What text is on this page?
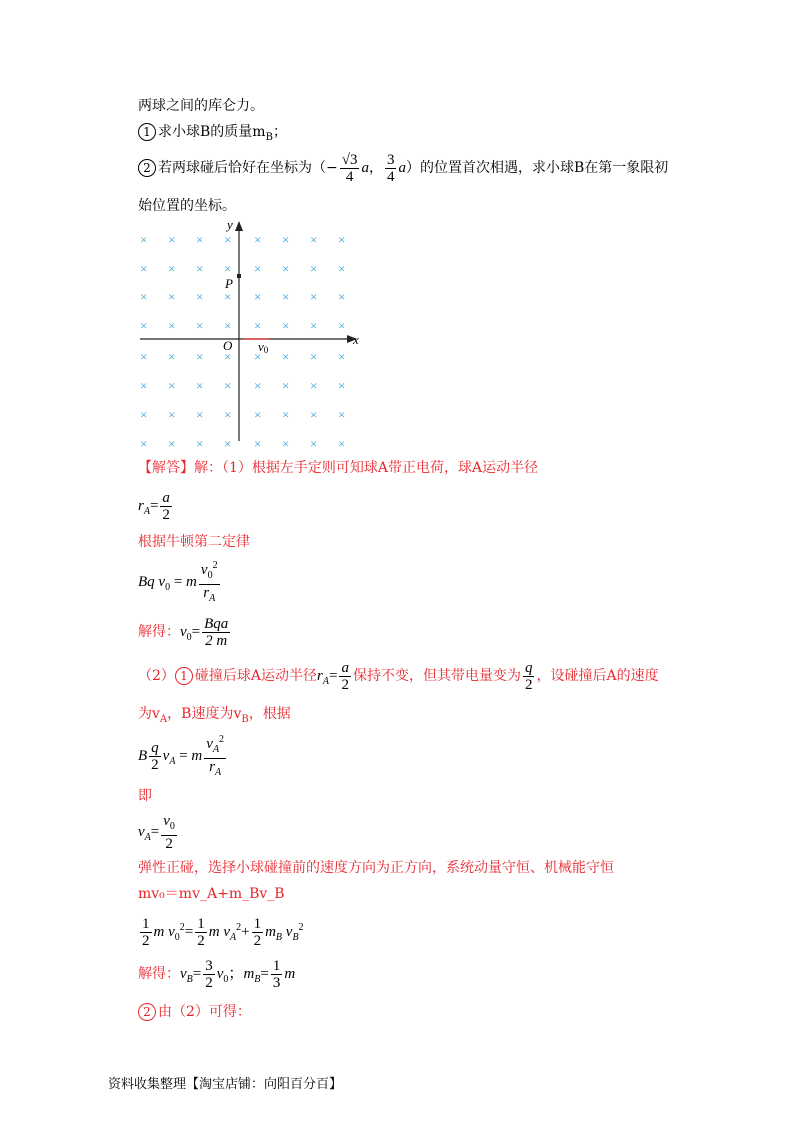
两球之间的库仑力。
1 求小球B的质量$m_B$；
2 若两球碰后恰好在坐标为（− $\frac{√3}{4}$ a， $\frac{3}{4} a$）的位置首次相遇，求小球B在第一象限初
始位置的坐标。
× × × × × × × ×
× × × × × × × ×
× × × × × × × ×
× × × × × × × ×
× × × × × × × ×
× × × × × × × ×
× × × × × × × ×
× × × × × × × ×
x
y
O
P
v0
【解答】解：（1）根据左手定则可知球A带正电荷，球A运动半径
$r_A= \frac{a}{2}$
根据牛顿第二定律
Bq $v_0 = m \frac{v_0^2}{r_A}$
解得：$v_0= \frac{\text{Bqa}}{2 m}$
（2） 1 碰撞后球A运动半径$r_A= \frac{a}{2}$ 保持不变，但其带电量变为 $\frac{q}{2}$ ，设碰撞后A的速度
为$v_A$，B速度为$v_B$，根据
B $\frac{q}{2} v_A = m \frac{v_A^2}{r_A}$
即
$v_A= \frac{v_0}{2}$
弹性正碰，选择小球碰撞前的速度方向为正方向，系统动量守恒、机械能守恒
mv₀＝mv_A+m_Bv_B
$\frac{1}{2}$ m $v_0^2= \frac{1}{2}$ m $v_A^2+ \frac{1}{2} m_B$ $v_B^2$
解得：$v_B= \frac{3}{2} v_0$；$m_B= \frac{1}{3}$ m
2 由（2）可得：
资料收集整理【淘宝店铺：向阳百分百】
